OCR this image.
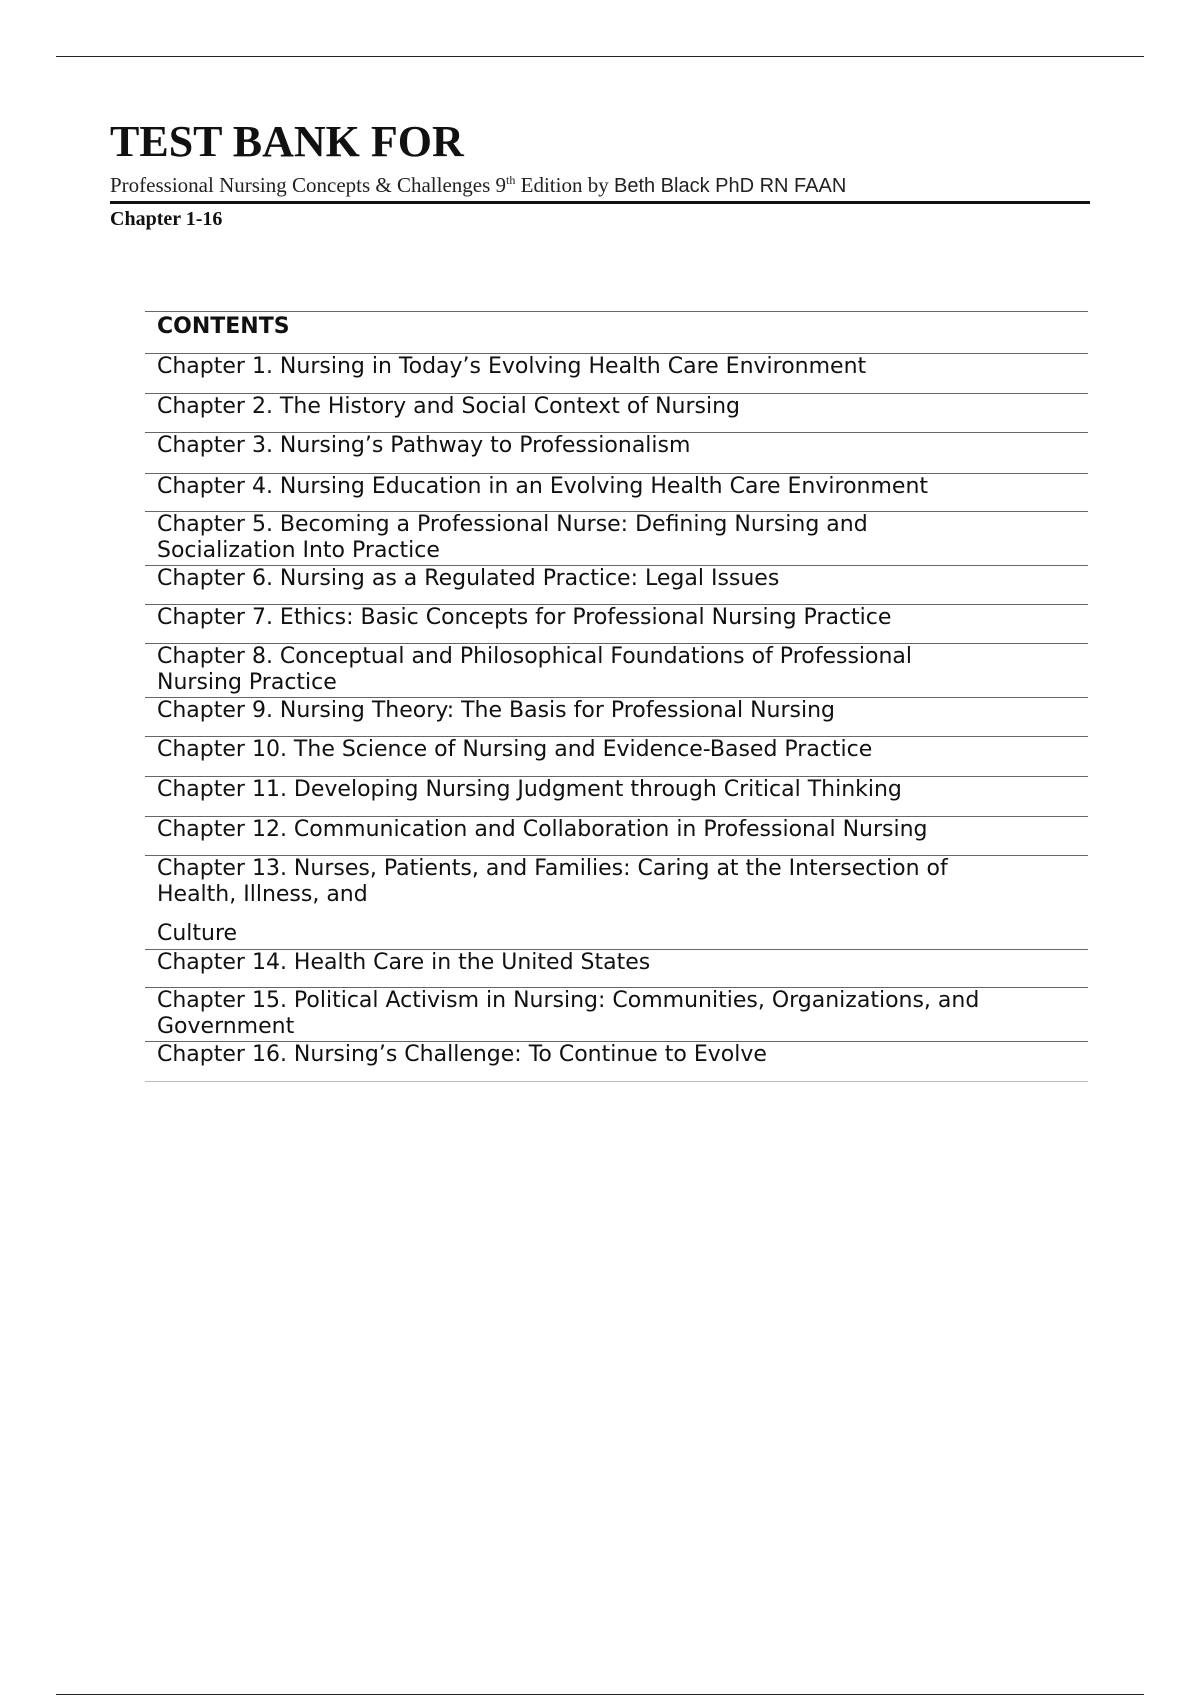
TEST BANK FOR
Professional Nursing Concepts & Challenges 9th Edition by Beth Black PhD RN FAAN
Chapter 1-16
CONTENTS
Chapter 1. Nursing in Today’s Evolving Health Care Environment
Chapter 2. The History and Social Context of Nursing
Chapter 3. Nursing’s Pathway to Professionalism
Chapter 4. Nursing Education in an Evolving Health Care Environment
Chapter 5. Becoming a Professional Nurse: Defining Nursing and
Socialization Into Practice
Chapter 6. Nursing as a Regulated Practice: Legal Issues
Chapter 7. Ethics: Basic Concepts for Professional Nursing Practice
Chapter 8. Conceptual and Philosophical Foundations of Professional
Nursing Practice
Chapter 9. Nursing Theory: The Basis for Professional Nursing
Chapter 10. The Science of Nursing and Evidence-Based Practice
Chapter 11. Developing Nursing Judgment through Critical Thinking
Chapter 12. Communication and Collaboration in Professional Nursing
Chapter 13. Nurses, Patients, and Families: Caring at the Intersection of
Health, Illness, and
Culture
Chapter 14. Health Care in the United States
Chapter 15. Political Activism in Nursing: Communities, Organizations, and
Government
Chapter 16. Nursing’s Challenge: To Continue to Evolve
